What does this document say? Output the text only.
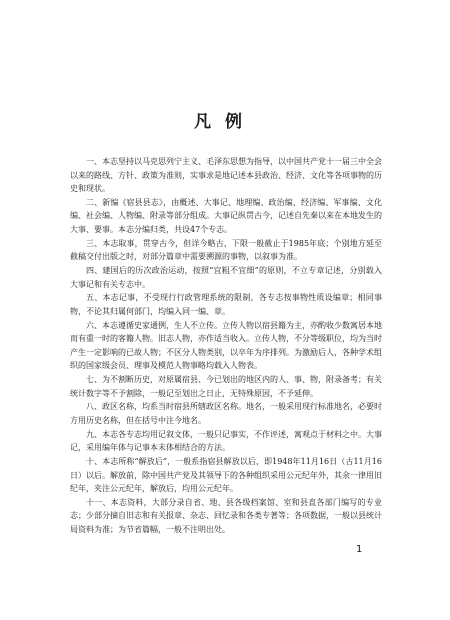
凡例

一、本志坚持以马克思列宁主义、毛泽东思想为指导，以中国共产党十一届三中全会以来的路线、方针、政策为准则，实事求是地记述本县政治、经济、文化等各项事物的历史和现状。

二、新编《宿县县志》，由概述、大事记、地理编、政治编、经济编、军事编、文化编、社会编、人物编、附录等部分组成。大事记纵贯古今，记述自先秦以来在本地发生的大事、要事。本志分编归类，共设47个专志。

三、本志取事，贯穿古今，但详今略古，下限一般截止于1985年底；个别地方延至截稿交付出版之时，对部分篇章中需要溯源的事物，以叙事为准。

四、建国后的历次政治运动，按照“宜粗不宜细”的原则，不立专章记述，分别载入大事记和有关专志中。

五、本志记事，不受现行行政管理系统的限制，各专志按事物性质设编章；相同事物，不论其归属何部门，均编入同一编、章。

六、本志遵循史家通例，生人不立传。立传人物以宿县籍为主，亦酌收少数寓居本地而有重一时的客籍人物。旧志人物，亦作适当收入。立传人物，不分等级职位，均为当时产生一定影响的已故人物；不区分人物类别，以卒年为序排列。为激励后人，各种学术组织的国家级会员、理事及模范人物事略均载入人物表。

七、为不割断历史，对原属宿县、今已划出的地区内的人、事、物，附录备考；有关统计数字等不予割除，一般记至划出之日止，无特殊原因，不予延伸。

八、政区名称，均系当时宿县所辖政区名称。地名，一般采用现行标准地名，必要时方用历史名称，但在括号中注今地名。

九、本志各专志均用记叙文体，一般只记事实，不作评述，寓观点于材料之中。大事记，采用编年体与记事本末体相结合的方法。

十、本志所称“解放后”，一般系指宿县解放以后，即1948年11月16日（古11月16日）以后。解放前，除中国共产党及其领导下的各种组织采用公元纪年外，其余一律用旧纪年，夹注公元纪年，解放后，均用公元纪年。

十一、本志资料，大部分录自省、地、县各级档案馆、室和县直各部门编写的专业志；少部分摘自旧志和有关报章、杂志、回忆录和各类专著等；各项数据，一般以县统计局资料为准；为节省篇幅，一般不注明出处。

1
